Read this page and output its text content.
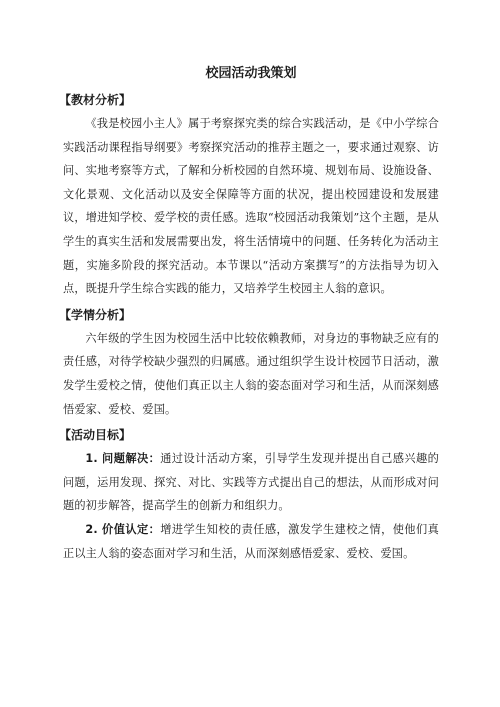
校园活动我策划
【教材分析】

《我是校园小主人》属于考察探究类的综合实践活动，是《中小学综合实践活动课程指导纲要》考察探究活动的推荐主题之一，要求通过观察、访问、实地考察等方式，了解和分析校园的自然环境、规划布局、设施设备、文化景观、文化活动以及安全保障等方面的状况，提出校园建设和发展建议，增进知学校、爱学校的责任感。选取“校园活动我策划”这个主题，是从学生的真实生活和发展需要出发，将生活情境中的问题、任务转化为活动主题，实施多阶段的探究活动。本节课以“活动方案撰写”的方法指导为切入点，既提升学生综合实践的能力，又培养学生校园主人翁的意识。

【学情分析】

六年级的学生因为校园生活中比较依赖教师，对身边的事物缺乏应有的责任感，对待学校缺少强烈的归属感。通过组织学生设计校园节日活动，激发学生爱校之情，使他们真正以主人翁的姿态面对学习和生活，从而深刻感悟爱家、爱校、爱国。

【活动目标】

1. 问题解决：通过设计活动方案，引导学生发现并提出自己感兴趣的问题，运用发现、探究、对比、实践等方式提出自己的想法，从而形成对问题的初步解答，提高学生的创新力和组织力。

2. 价值认定：增进学生知校的责任感，激发学生建校之情，使他们真正以主人翁的姿态面对学习和生活，从而深刻感悟爱家、爱校、爱国。
